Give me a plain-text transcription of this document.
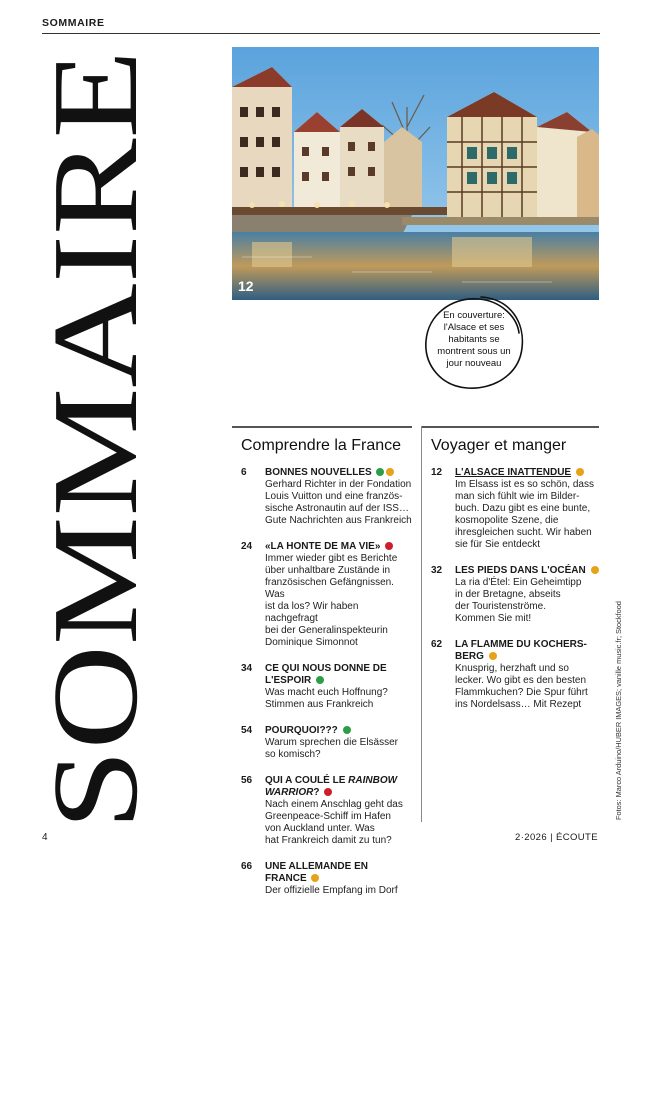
SOMMAIRE
SOMMAIRE	12
En couverture:
l'Alsace et ses
habitants se
montrent sous un
jour nouveau
Comprendre la France
6 BONNES NOUVELLES
Gerhard Richter in der Fondation
Louis Vuitton und eine französ-
sische Astronautin auf der ISS…
Gute Nachrichten aus Frankreich
24 «LA HONTE DE MA VIE»
Immer wieder gibt es Berichte
über unhaltbare Zustände in
französischen Gefängnissen. Was
ist da los? Wir haben nachgefragt
bei der Generalinspekteurin
Dominique Simonnot
34 CE QUI NOUS DONNE DE
L'ESPOIR
Was macht euch Hoffnung?
Stimmen aus Frankreich
54 POURQUOI???
Warum sprechen die Elsässer
so komisch?
56 QUI A COULÉ LE RAINBOW
WARRIOR?
Nach einem Anschlag geht das
Greenpeace-Schiff im Hafen
von Auckland unter. Was
hat Frankreich damit zu tun?
66 UNE ALLEMANDE EN FRANCE
Der offizielle Empfang im Dorf
Voyager et manger
12 L'ALSACE INATTENDUE
Im Elsass ist es so schön, dass
man sich fühlt wie im Bilder-
buch. Dazu gibt es eine bunte,
kosmopolite Szene, die
ihresgleichen sucht. Wir haben
sie für Sie entdeckt
32 LES PIEDS DANS L'OCÉAN
La ria d'Étel: Ein Geheimtipp
in der Bretagne, abseits
der Touristenströme.
Kommen Sie mit!
62 LA FLAMME DU KOCHERS-
BERG
Knusprig, herzhaft und so
lecker. Wo gibt es den besten
Flammkuchen? Die Spur führt
ins Nordelsass… Mit Rezept	Fotos: Marco Arduino/HUBER IMAGES; vanille music.fr; Stockfood
4	2·2026 | ÉCOUTE
